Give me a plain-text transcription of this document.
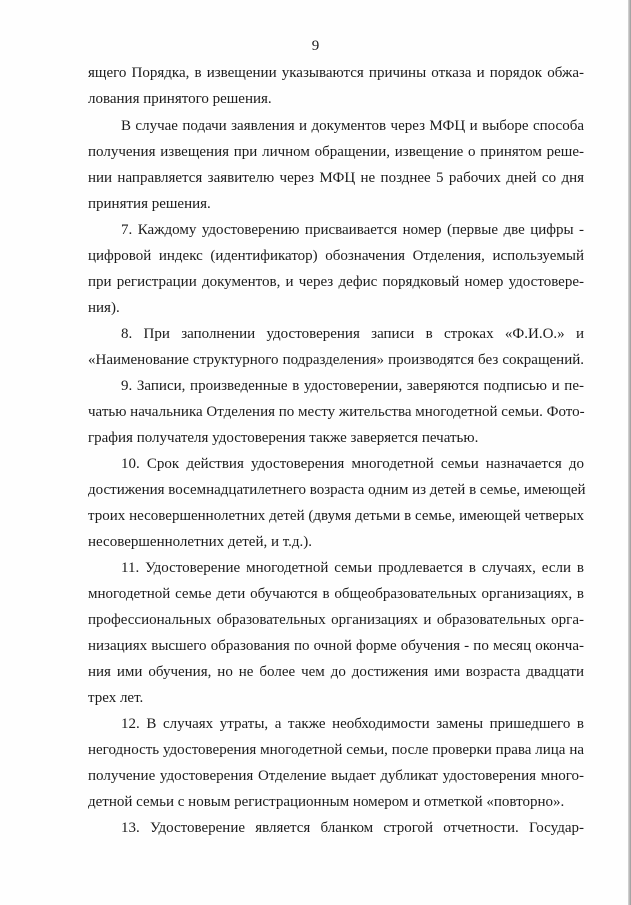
9
ящего Порядка, в извещении указываются причины отказа и порядок обжа-
лования принятого решения.
В случае подачи заявления и документов через МФЦ и выборе способа
получения извещения при личном обращении, извещение о принятом реше-
нии направляется заявителю через МФЦ не позднее 5 рабочих дней со дня
принятия решения.
7. Каждому удостоверению присваивается номер (первые две цифры -
цифровой индекс (идентификатор) обозначения Отделения, используемый
при регистрации документов, и через дефис порядковый номер удостовере-
ния).
8. При заполнении удостоверения записи в строках «Ф.И.О.» и
«Наименование структурного подразделения» производятся без сокращений.
9. Записи, произведенные в удостоверении, заверяются подписью и пе-
чатью начальника Отделения по месту жительства многодетной семьи. Фото-
графия получателя удостоверения также заверяется печатью.
10. Срок действия удостоверения многодетной семьи назначается до
достижения восемнадцатилетнего возраста одним из детей в семье, имеющей
троих несовершеннолетних детей (двумя детьми в семье, имеющей четверых
несовершеннолетних детей, и т.д.).
11. Удостоверение многодетной семьи продлевается в случаях, если в
многодетной семье дети обучаются в общеобразовательных организациях, в
профессиональных образовательных организациях и образовательных орга-
низациях высшего образования по очной форме обучения - по месяц оконча-
ния ими обучения, но не более чем до достижения ими возраста двадцати
трех лет.
12. В случаях утраты, а также необходимости замены пришедшего в
негодность удостоверения многодетной семьи, после проверки права лица на
получение удостоверения Отделение выдает дубликат удостоверения много-
детной семьи с новым регистрационным номером и отметкой «повторно».
13. Удостоверение является бланком строгой отчетности. Государ-
